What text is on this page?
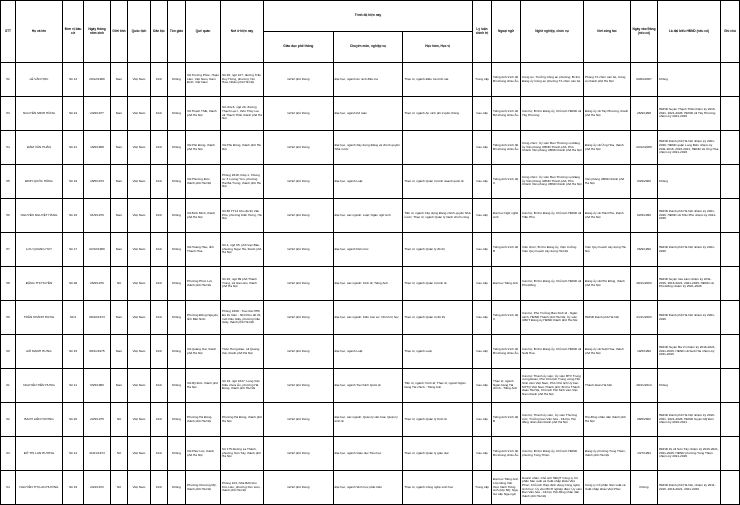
STT	Họ và tên	Đơn vị bầu cử	Ngày tháng năm sinh	Giới tính	Quốc tịch	Dân tộc	Tôn giáo	Quê quán	Nơi ở hiện nay	Trình độ hiện nay			Lý luận chính trị	Ngoại ngữ	Nghề nghiệp, chức vụ	Nơi công tác	Ngày vào Đảng (nếu có)	Là đại biểu HĐND (nếu có)	Ghi chú
										Giáo dục phổ thông	Chuyên môn, nghiệp vụ	Học hàm, Học vị							
52	LÊ VĂN HỌC	Số 13	20/12/1980	Nam	Việt Nam	Kinh	Không	Xã Trường Phúc, Hoàn Lâm, Việt Nam, Nam Định, Việt Nam	Số 28, ngõ 107, đường Trần Duy Hưng, phường Yên Hòa, Nhâm phố Hà Nội	12/12 phổ thông	Đại học, ngành An ninh điều tra	Thạc sĩ, ngành Điều tra trinh sát	Trung cấp	Tiếng Anh trình độ B1 khung châu Âu	Công an, Trưởng Công an phường; Bí thư Đảng ủy Công an phường Tổ chức cán bộ	Phòng Tổ chức cán bộ, Công an thành phố Hà Nội	09/02/2007	Không	
53	NGUYỄN MINH HÙNG	Số 24	24/9/1977	Nam	Việt Nam	Kinh	Không	Xã Thạch Thất, thành phố Hà Nội	Số nhà 8, ngõ 29, đường Thạch Lạc I, thôn Thúy Lai, xã Thạch Thất, thành phố Hà Nội	12/12 phổ thông	Đại học, ngành Kế toán	Thạc sĩ, ngành An ninh phi truyền thông	Cao cấp	Tiếng Anh trình độ B2 khung châu Âu	Cán bộ; Bí thư Đảng ủy, Chủ tịch HĐND xã Tây Phương	Đảng ủy xã Tây Phương, thành phố Hà Nội	26/9/1998	HĐND huyện Thạch Thất nhiệm kỳ 2016-2021, 2021-2026; HĐND xã Tây Phương nhiệm kỳ 2021-2026	
54	ĐÀM VĂN HUẤN	Số 21	19/9/1968	Nam	Việt Nam	Kinh	Không	Xã Phú Đông, thành phố Hà Nội	Xã Phú Đông, thành phố Hà Nội	12/12 phổ thông	Đại học, ngành Xây dựng Đảng và chính quyền Nhà nước		Cao cấp	Tiếng Anh trình độ B1 khung châu Âu	Công chức; Ủy viên Ban Thường vụ Đảng ủy Văn phòng UBND Thành phố, Phó Chánh Văn phòng UBND thành phố Hà Nội	Đảng ủy xã Ứng Hòa, thành phố Hà Nội	22/12/2005	HĐND thành phố Hà Nội nhiệm kỳ 2021-2026; HĐND quận Long Biên nhiệm kỳ 2011-2016, 2016-2021; HĐND xã Ứng Hòa nhiệm kỳ 2021-2026	
55	ĐINH QUỐC HÙNG	Số 19	18/5/1973	Nam	Việt Nam	Kinh	Không	Xã Phương Đức, thành phố Hà Nội	Phòng 1818, tháp 1, Chung cư 3 Lương Yên, phường Hai Bà Trưng, thành phố Hà Nội	12/12 phổ thông	Đại học, ngành Luật	Thạc sĩ, ngành Quản trị kinh doanh quốc tế	Cao cấp	Tiếng Anh trình độ C	Công chức; Ủy viên Ban Thường vụ Đảng ủy Văn phòng UBND Thành phố, Phó Chánh Văn phòng UBND thành phố Hà Nội	Văn phòng UBND thành phố Hà Nội	04/9/2000	Không	
56	NGUYỄN NGUYỆT HẰNG	Số 16	01/9/1976	Nam	Việt Nam	Kinh	Không	Xã Bình Minh, thành phố Hà Nội	Số 86 TT14 Khu đô thị Văn Phú, phường Kiến Hưng, Hà Nội	12/12 phổ thông	Đại học, các ngành: Luật; Ngân ngữ Anh	Tiến sĩ, ngành Xây dựng Đảng chính quyền Nhà nước; Thạc sĩ, ngành Quản lý hành chính công	Cao cấp	Đại học Ngữ nghề Anh	Cán bộ; Bí thư Đảng ủy, Chủ tịch HĐND xã Trần Phú	Đảng ủy xã Trần Phú, thành phố Hà Nội	02/9/1996	HĐND thành phố Hà Nội nhiệm kỳ 2021-2026; HĐND xã Trần Phú nhiệm kỳ 2021-2026	
57	LƯU QUANG HUY	Số 17	02/10/1980	Nam	Việt Nam	Kinh	Không	Xã Hoàng Hào, tỉnh Thanh Hóa	Số 4, ngõ 65, phố Vạn Bảo, phường Ngọc Hà, thành phố Hà Nội	12/12 phổ thông	Đại học, ngành Kiến trúc	Thạc sĩ, ngành Quản lý đô thị	Cao cấp	Tiếng Anh trình độ B	Viên chức; Bí thư Đảng ủy, Viện trưởng Viện Quy hoạch xây dựng Hà Nội	Viện Quy hoạch xây dựng Hà Nội	06/9/1999	HĐND thành phố Hà Nội nhiệm kỳ 2021-2026	
58	ĐẶNG THỊ HUYỀN	Số 28	26/9/1976	Nữ	Việt Nam	Kinh	Không	Phường Phúc Lợi, thành phố Hà Nội	Số 26, ngõ 89 phố Thành Trung, xã Gia Lâm, thành phố Hà Nội	12/12 phổ thông	Đại học, các ngành: Kinh tế; Tiếng Anh	Thạc sĩ, ngành Quản trị kinh tế	Cao cấp	Đại học Tiếng Anh	Cán bộ; Bí thư Đảng ủy, Chủ tịch HĐND xã Phú Đồng	Đảng ủy xã Phú Đồng, thành phố Hà Nội	28/11/2003	HĐND huyện Gia Lâm nhiệm kỳ 2011-2016, 2016-2021, 2021-2026; HĐND xã Phú Đồng nhiệm kỳ 2021-2026	
59	TRẦN KHÁNH HƯNG	Số 6	08/10/1974	Nam	Việt Nam	Kinh	Không	Phường Đồng Nguyên, tỉnh Bắc Ninh	Phòng 1608 - Tòa nhà HH6 Đô thị Viên - N10 Khu đô thị mới Cầu Giấy, phường Cầu Giấy, thành phố Hà Nội	12/12 phổ thông	Đại học, các ngành: Kiến trúc sư; Chính trị học	Thạc sĩ, ngành Quản trị đô thị	Cao cấp	Tiếng Anh trình độ C	Cán bộ, Phó Trưởng Ban Kinh tế - Ngân sách, HĐND Thành phố Hà Nội; Ủy viên UBKT Đảng ủy HĐND thành phố Hà Nội	HĐND thành phố Hà Nội	21/11/2003	HĐND thành phố Hà Nội nhiệm kỳ 2021-2026	
60	ĐỖ MẠNH HƯNG	Số 15	08/11/1975	Nam	Việt Nam	Kinh	Không	Xã Quảng Oai, thành phố Hà Nội	Thôn Hưng Đạo, xã Quảng Oai, thành phố Hà Nội	12/12 phổ thông	Đại học, ngành Luật	Thạc sĩ, ngành Luật	Cao cấp	Tiếng Anh trình độ B1 khung châu Âu	Cán bộ; Bí thư Đảng ủy, Chủ tịch HĐND xã Suối Hoa	Đảng ủy xã Suối Hoa, thành phố Hà Nội	19/5/1999	HĐND huyện Ba Vì nhiệm kỳ 2016-2021, 2021-2026; HĐND xã Suối Hai nhiệm kỳ 2021-2026	
61	NGUYỄN TIẾN HƯNG	Số 11	03/9/1980	Nam	Việt Nam	Kinh	Không	Xã Mỹ Đức, thành phố Hà Nội	Số 19, ngõ 1647, Lùng Việt Kiều chưa Âu, phường Hà Đông, thành phố Hà Nội	12/12 phổ thông	Đại học, ngành Tài chính Quốc tế	Tiến sĩ, ngành: Kinh tế; Thạc sĩ, ngành Ngân hàng Tài chính - Tiếng Anh	Cao cấp	Thạc sĩ, ngành Ngân hàng Tài chính - Tiếng Anh	Cán bộ; Thành ủy viên; Ủy viên BTV Trung ương Đoàn, Phó Chủ tịch Trung ương Hội Sinh viên Việt Nam; Phó Chủ tịch Ủy ban MTTQ Việt Nam Thành phố; Bí thư Thành đoàn Hà Nội, Chủ tịch Hội Sinh viên Việt Nam thành phố Hà Nội	Thành đoàn Hà Nội	28/11/2014	Không	
62	BẠCH LIÊN HƯƠNG	Số 20	22/9/1975	Nữ	Việt Nam	Kinh	Không	Phường Hà Đông, thành phố Hà Nội	Phường Hà Đông, thành phố Hà Nội	12/12 phổ thông	Đại học, các ngành: Quản lý văn hóa; Quản lý kinh tế	Thạc sĩ, ngành Quản lý Kinh tế	Cao cấp	Tiếng Anh trình độ B	Cán bộ; Thành ủy viên, Ủy viên Thường trực, Trưởng ban Văn hóa - Xã hội, Hội đồng nhân dân thành phố Hà Nội	Hội đồng nhân dân thành phố Hà Nội	08/5/2002	HĐND thành phố Hà Nội nhiệm kỳ 2016-2021, 2021-2026; HĐND huyện Mỹ Đức nhiệm kỳ 2016-2021	
63	ĐỖ THỊ LAN HƯƠNG	Số 14	31/01/1974	Nữ	Việt Nam	Kinh	Không	Xã Phúc Lộc, thành phố Hà Nội	Số 175 đường La Thành, phường Sơn Tây, thành phố Hà Nội	12/12 phổ thông	Đại học, ngành Giáo dục Tiểu học	Thạc sĩ, ngành Quản lý giáo dục	Cao cấp	Tiếng Anh trình độ B1 khung châu Âu	Cán bộ; Bí thư Đảng ủy, Chủ tịch HĐND phường Tùng Thiện	Đảng ủy phường Tùng Thiện, thành phố Hà Nội	13/7/1994	HĐND thị xã Sơn Tây nhiệm kỳ 2016-2021, 2021-2026; HĐND phường Tùng Thiện nhiệm kỳ 2021-2026	
64	NGUYỄN THỊ LAN HƯƠNG	Số 19	24/4/1972	Nữ	Việt Nam	Kinh	Không	Phường Chương Mỹ, thành phố Hà Nội	Phòng 103, Nhà B20 khu Kim Liên, phường Kim Liên, thành phố Hà Nội	12/12 phổ thông	Đại học, ngành Sinh học phát triển	Thạc sĩ, ngành Công nghệ sinh học	Trung cấp	Đại học Tiếng Anh, Lớp tiếng Việt thực hành Tiếng Anh (lớp 50); Nga, Sơ cấp Nga ngữ	Doanh nhân; Chủ tịch HĐQT Công ty Cổ phần Sản xuất và Xuất nhập khẩu Việt Phúc; Chủ tịch Hiệp định dùng Công nghệ sinh học; Ủy viên BCH nghiệp điện; Ủy viên Ban Văn hóa - Xã hội, Hội đồng nhân dân thành phố Hà Nội	Công ty Cổ phần Sản xuất và Xuất nhập khẩu Việt Phúc	Không	HĐND thành phố Hà Nội, nhiệm kỳ 2011-2016, 2016-2021, 2021-2026	
